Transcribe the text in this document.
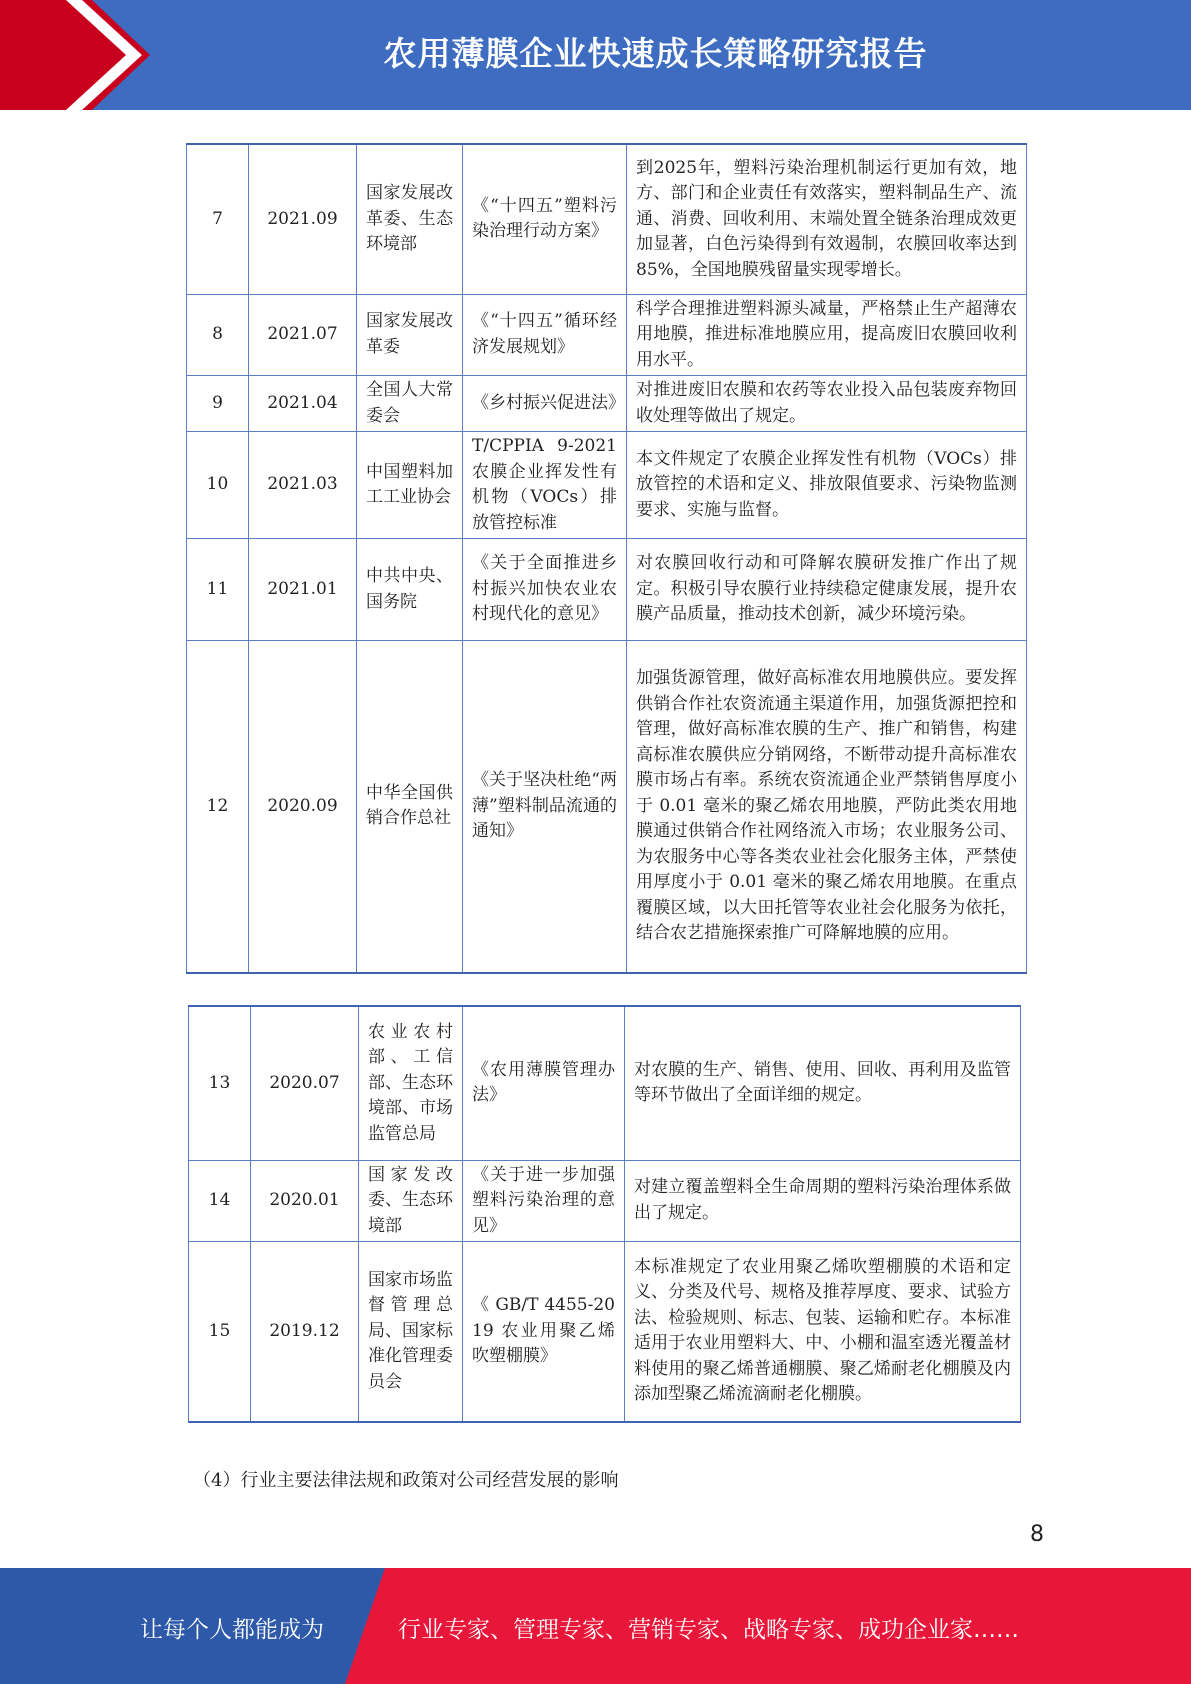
农用薄膜企业快速成长策略研究报告
7	2021.09	国家发展改革委、生态环境部	《“十四五”塑料污染治理行动方案》	到2025年，塑料污染治理机制运行更加有效，地方、部门和企业责任有效落实，塑料制品生产、流通、消费、回收利用、末端处置全链条治理成效更加显著，白色污染得到有效遏制，农膜回收率达到 85%，全国地膜残留量实现零增长。
8	2021.07	国家发展改革委	《“十四五”循环经济发展规划》	科学合理推进塑料源头减量，严格禁止生产超薄农用地膜，推进标准地膜应用，提高废旧农膜回收利用水平。
9	2021.04	全国人大常委会	《乡村振兴促进法》	对推进废旧农膜和农药等农业投入品包装废弃物回收处理等做出了规定。
10	2021.03	中国塑料加工工业协会	T/CPPIA 9-2021 农膜企业挥发性有机物（VOCs）排放管控标准	本文件规定了农膜企业挥发性有机物（VOCs）排放管控的术语和定义、排放限值要求、污染物监测要求、实施与监督。
11	2021.01	中共中央、国务院	《关于全面推进乡村振兴加快农业农村现代化的意见》	对农膜回收行动和可降解农膜研发推广作出了规定。积极引导农膜行业持续稳定健康发展，提升农膜产品质量，推动技术创新，减少环境污染。
12	2020.09	中华全国供销合作总社	《关于坚决杜绝“两薄”塑料制品流通的通知》	加强货源管理，做好高标准农用地膜供应。要发挥供销合作社农资流通主渠道作用，加强货源把控和管理，做好高标准农膜的生产、推广和销售，构建高标准农膜供应分销网络，不断带动提升高标准农膜市场占有率。系统农资流通企业严禁销售厚度小于 0.01 毫米的聚乙烯农用地膜，严防此类农用地膜通过供销合作社网络流入市场；农业服务公司、为农服务中心等各类农业社会化服务主体，严禁使用厚度小于 0.01 毫米的聚乙烯农用地膜。在重点覆膜区域，以大田托管等农业社会化服务为依托，结合农艺措施探索推广可降解地膜的应用。
13	2020.07	农业农村部、工信部、生态环境部、市场监管总局	《农用薄膜管理办法》	对农膜的生产、销售、使用、回收、再利用及监管等环节做出了全面详细的规定。
14	2020.01	国家发改委、生态环境部	《关于进一步加强塑料污染治理的意见》	对建立覆盖塑料全生命周期的塑料污染治理体系做出了规定。
15	2019.12	国家市场监督管理总局、国家标准化管理委员会	《 GB/T 4455-2019 农业用聚乙烯吹塑棚膜》	本标准规定了农业用聚乙烯吹塑棚膜的术语和定义、分类及代号、规格及推荐厚度、要求、试验方法、检验规则、标志、包装、运输和贮存。本标准适用于农业用塑料大、中、小棚和温室透光覆盖材料使用的聚乙烯普通棚膜、聚乙烯耐老化棚膜及内添加型聚乙烯流滴耐老化棚膜。
（4）行业主要法律法规和政策对公司经营发展的影响
8
让每个人都能成为	行业专家、管理专家、营销专家、战略专家、成功企业家……
